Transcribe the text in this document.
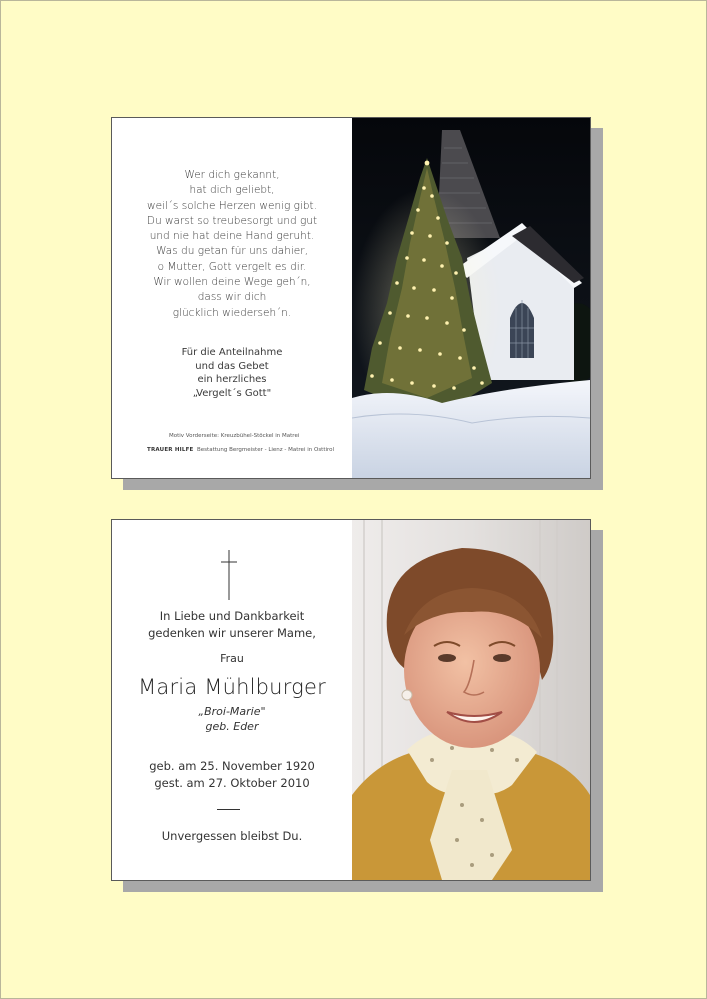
Wer dich gekannt,
hat dich geliebt,
weil´s solche Herzen wenig gibt.
Du warst so treubesorgt und gut
und nie hat deine Hand geruht.
Was du getan für uns dahier,
o Mutter, Gott vergelt es dir.
Wir wollen deine Wege geh´n,
dass wir dich
glücklich wiederseh´n.
Für die Anteilnahme
und das Gebet
ein herzliches
„Vergelt´s Gott"
Motiv Vorderseite: Kreuzbühel-Stöckel in Matrei
TRAUER HILFE Bestattung Bergmeister - Lienz - Matrei in Osttirol
In Liebe und Dankbarkeit
gedenken wir unserer Mame,
Frau
Maria Mühlburger
„Broi-Marie"
geb. Eder
geb. am 25. November 1920
gest. am 27. Oktober 2010
Unvergessen bleibst Du.
